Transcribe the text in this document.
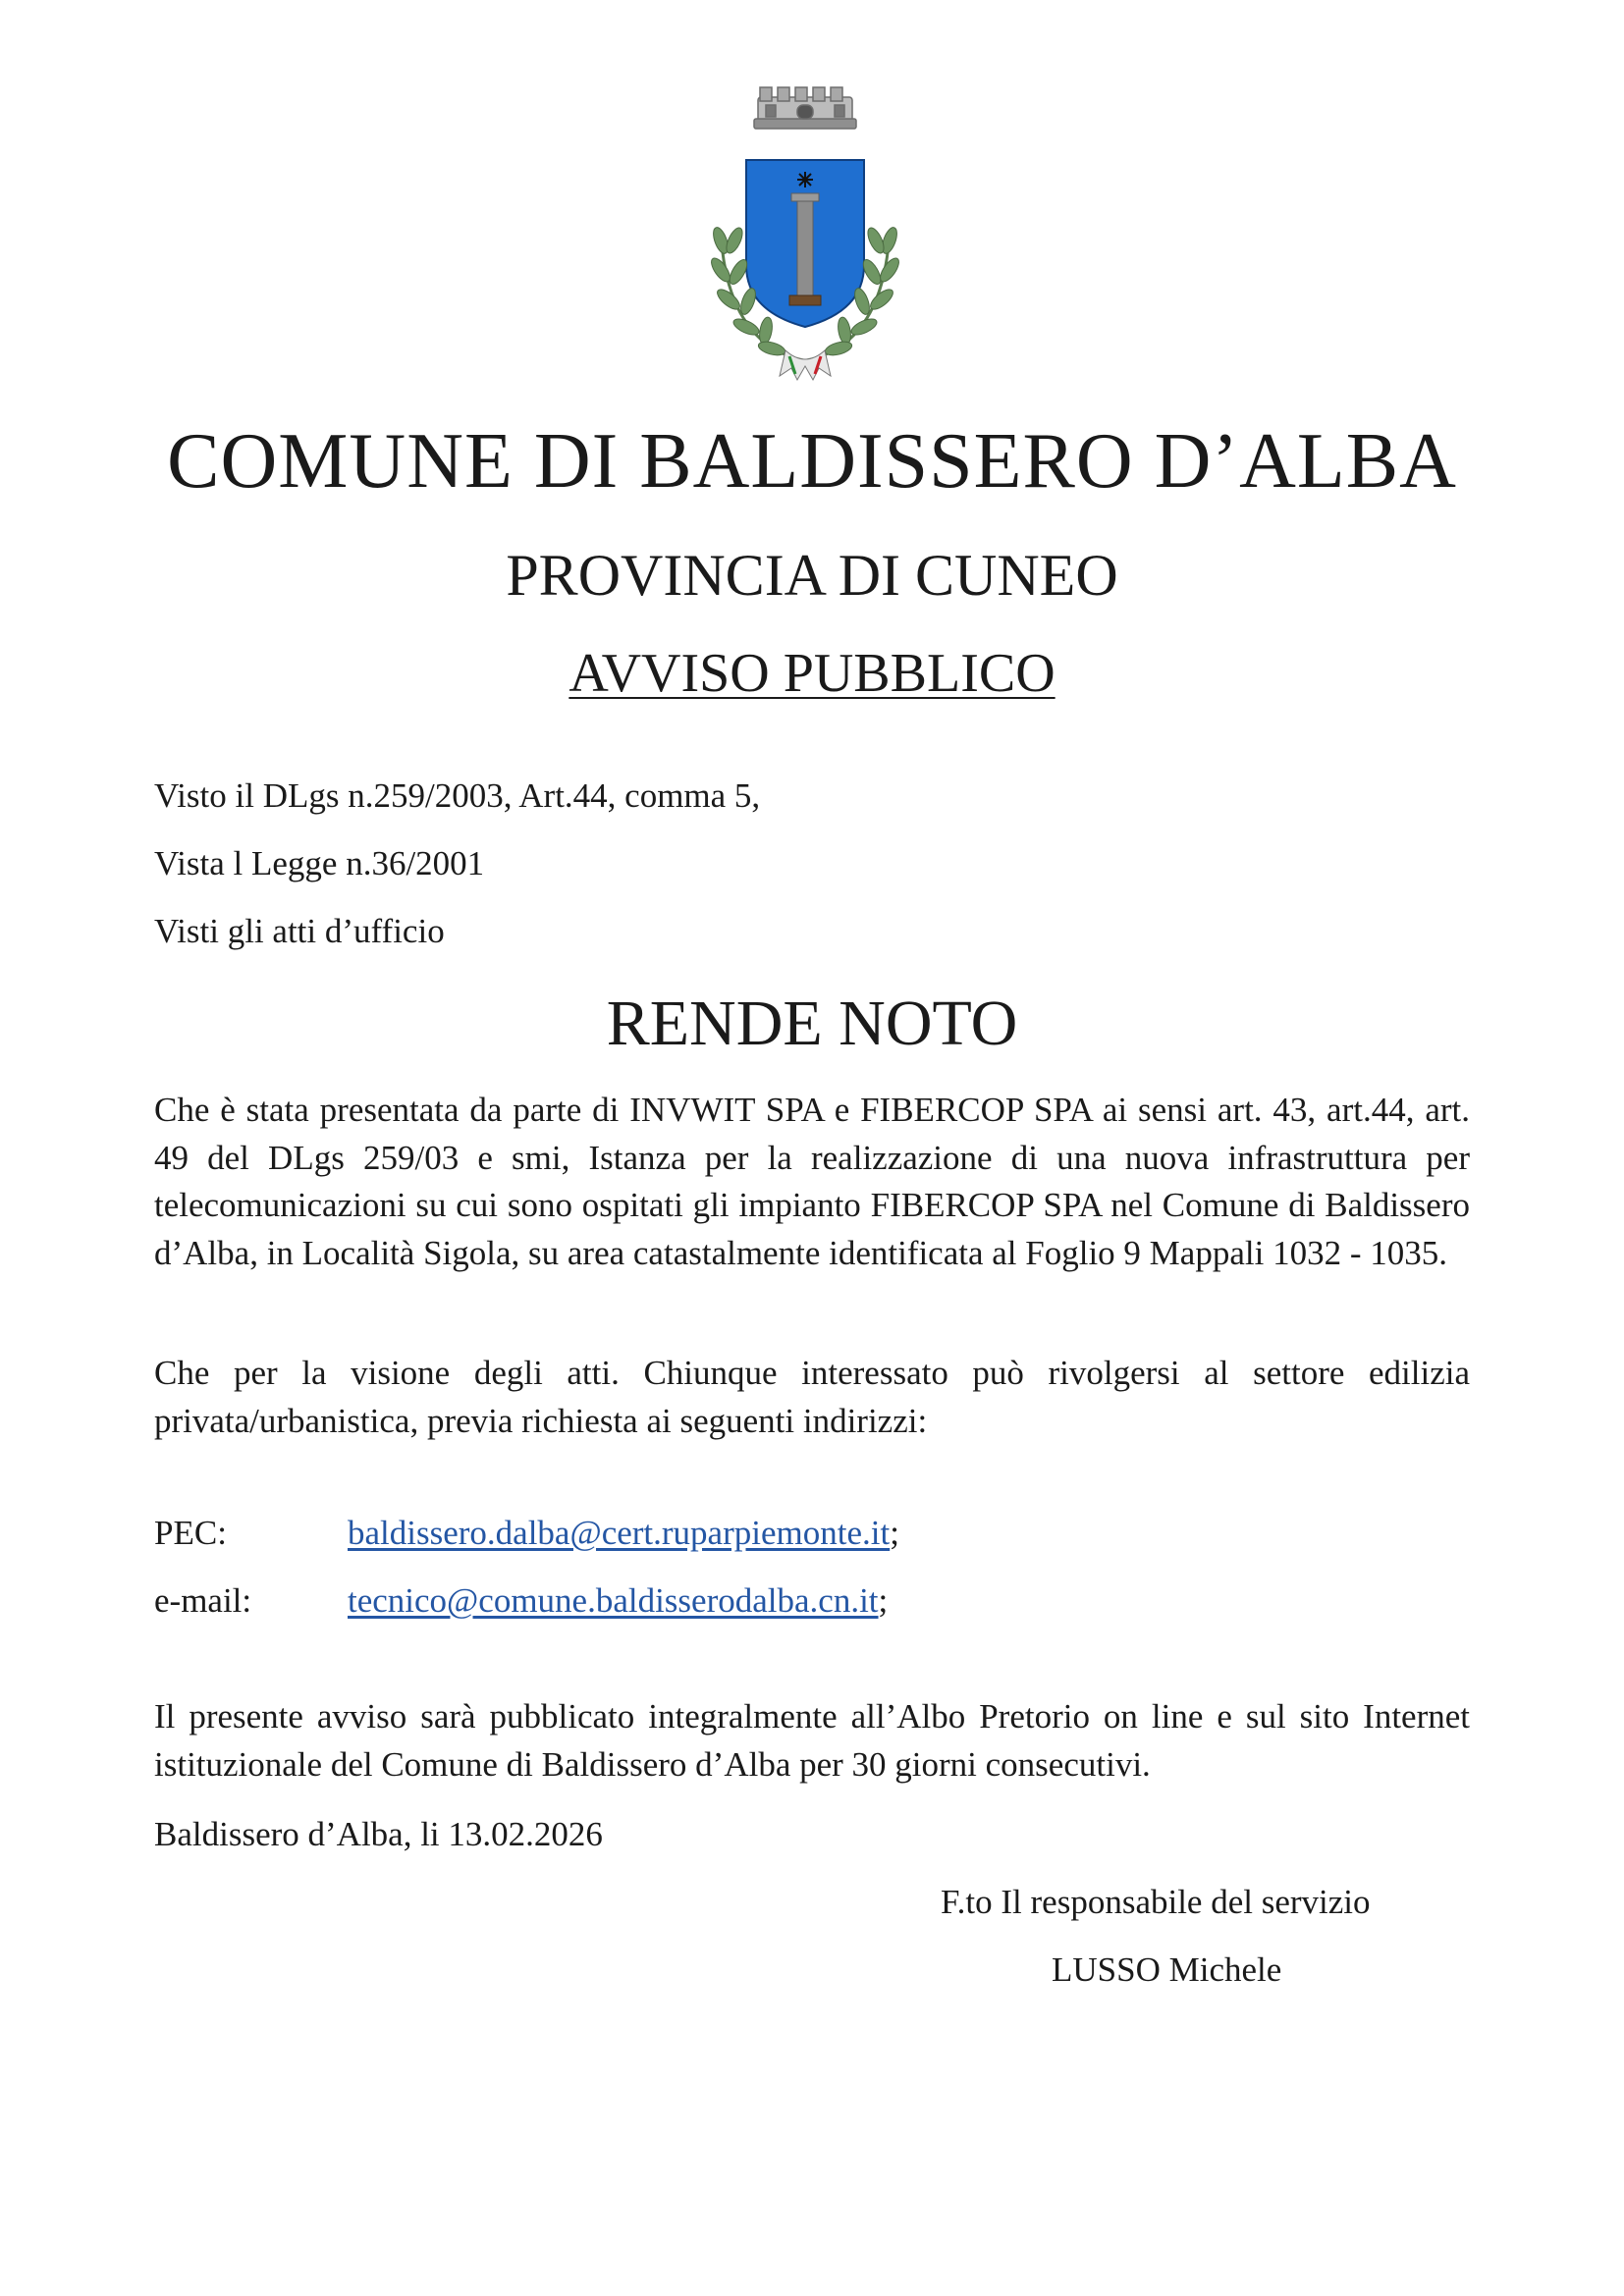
COMUNE DI BALDISSERO D’ALBA
PROVINCIA DI CUNEO
AVVISO PUBBLICO

Visto il DLgs n.259/2003, Art.44, comma 5,

Vista l Legge n.36/2001

Visti gli atti d’ufficio

RENDE NOTO

Che è stata presentata da parte di INVWIT SPA e FIBERCOP SPA ai sensi art. 43, art.44, art. 49 del DLgs 259/03 e smi, Istanza per la realizzazione di una nuova infrastruttura per telecomunicazioni su cui sono ospitati gli impianto FIBERCOP SPA nel Comune di Baldissero d’Alba, in Località Sigola, su area catastalmente identificata al Foglio 9 Mappali 1032 - 1035.

Che per la visione degli atti. Chiunque interessato può rivolgersi al settore edilizia privata/urbanistica, previa richiesta ai seguenti indirizzi:

PEC:	baldissero.dalba@cert.ruparpiemonte.it;
e-mail:	tecnico@comune.baldisserodalba.cn.it;

Il presente avviso sarà pubblicato integralmente all’Albo Pretorio on line e sul sito Internet istituzionale del Comune di Baldissero d’Alba per 30 giorni consecutivi.

Baldissero d’Alba, li 13.02.2026

F.to Il responsabile del servizio

LUSSO Michele
